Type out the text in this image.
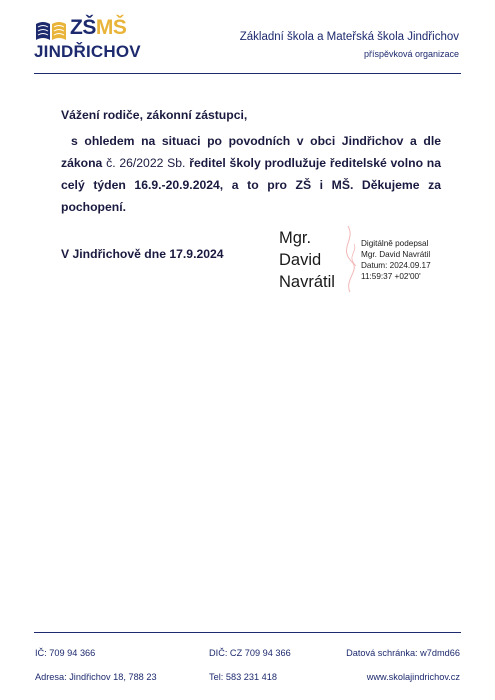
ZŠMŠ
JINDŘICHOV
Základní škola a Mateřská škola Jindřichov
příspěvková organizace
Vážení rodiče, zákonní zástupci,
s ohledem na situaci po povodních v obci Jindřichov a dle zákona č. 26/2022 Sb. ředitel školy prodlužuje ředitelské volno na celý týden 16.9.-20.9.2024, a to pro ZŠ i MŠ. Děkujeme za pochopení.
V Jindřichově dne 17.9.2024
Mgr.
David
Navrátil
Digitálně podepsal
Mgr. David Navrátil
Datum: 2024.09.17
11:59:37 +02'00'
IČ: 709 94 366	DIČ: CZ 709 94 366	Datová schránka: w7dmd66
Adresa: Jindřichov 18, 788 23	Tel: 583 231 418	www.skolajindrichov.cz
